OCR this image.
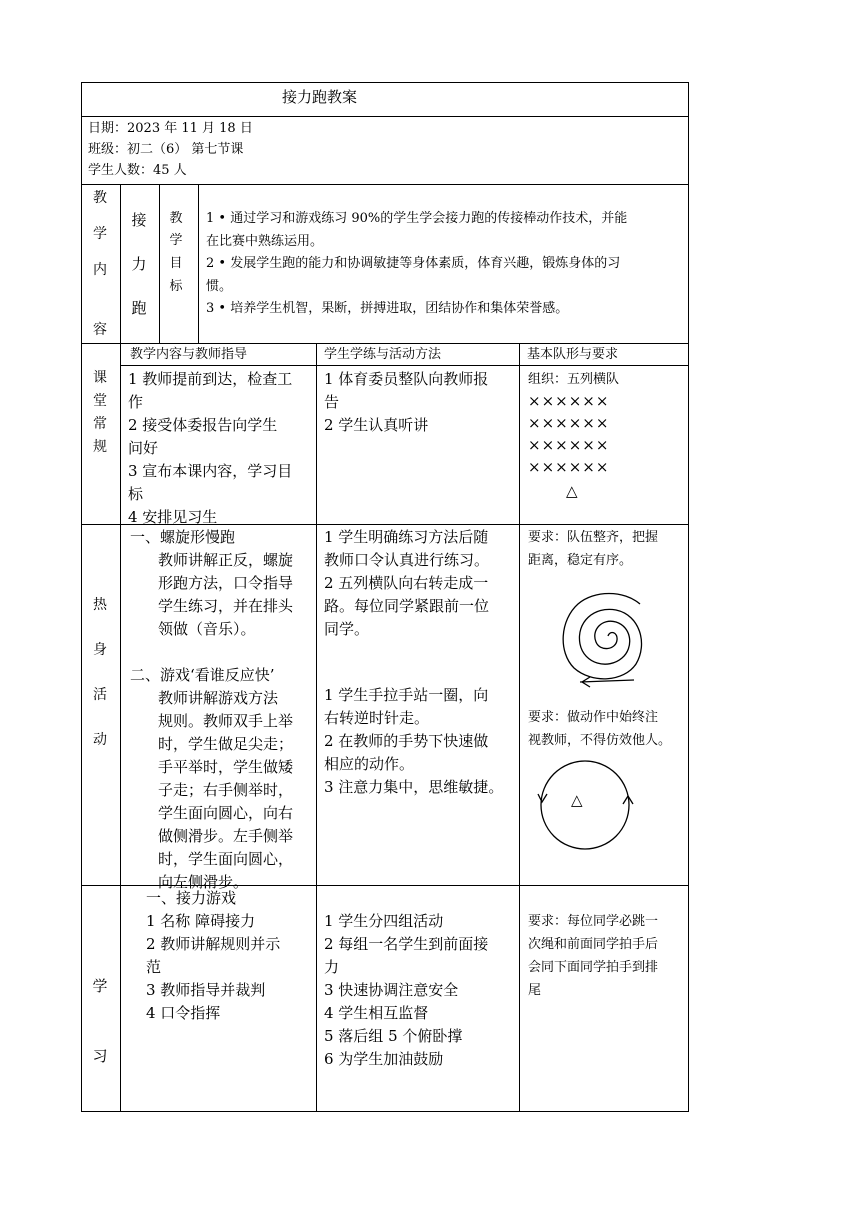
接力跑教案
日期：2023 年 11 月 18 日
班级：初二（6） 第七节课
学生人数：45 人
教
学
内
容
接
力
跑
教
学
目
标
1 • 通过学习和游戏练习 90%的学生学会接力跑的传接棒动作技术，并能
在比赛中熟练运用。
2 • 发展学生跑的能力和协调敏捷等身体素质，体育兴趣，锻炼身体的习
惯。
3 • 培养学生机智，果断，拼搏进取，团结协作和集体荣誉感。
教学内容与教师指导	学生学练与活动方法	基本队形与要求
课
堂
常
规
1 教师提前到达，检查工
作
2 接受体委报告向学生
问好
3 宣布本课内容，学习目
标
4 安排见习生
1 体育委员整队向教师报
告
2 学生认真听讲
组织：五列横队
××××××
××××××
××××××
××××××
△
热
身
活
动
一、螺旋形慢跑
教师讲解正反，螺旋
形跑方法，口令指导
学生练习，并在排头
领做（音乐）。
二、游戏‘看谁反应快’
教师讲解游戏方法
规则。教师双手上举
时，学生做足尖走；
手平举时，学生做矮
子走；右手侧举时，
学生面向圆心，向右
做侧滑步。左手侧举
时，学生面向圆心，
向左侧滑步。
1 学生明确练习方法后随
教师口令认真进行练习。
2 五列横队向右转走成一
路。每位同学紧跟前一位
同学。
1 学生手拉手站一圈，向
右转逆时针走。
2 在教师的手势下快速做
相应的动作。
3 注意力集中，思维敏捷。
要求：队伍整齐，把握
距离，稳定有序。
要求：做动作中始终注
视教师，不得仿效他人。
△
学
习
一、接力游戏
1 名称 障碍接力
2 教师讲解规则并示
范
3 教师指导并裁判
4 口令指挥
1 学生分四组活动
2 每组一名学生到前面接
力
3 快速协调注意安全
4 学生相互监督
5 落后组 5 个俯卧撑
6 为学生加油鼓励
要求：每位同学必跳一
次绳和前面同学拍手后
会同下面同学拍手到排
尾
